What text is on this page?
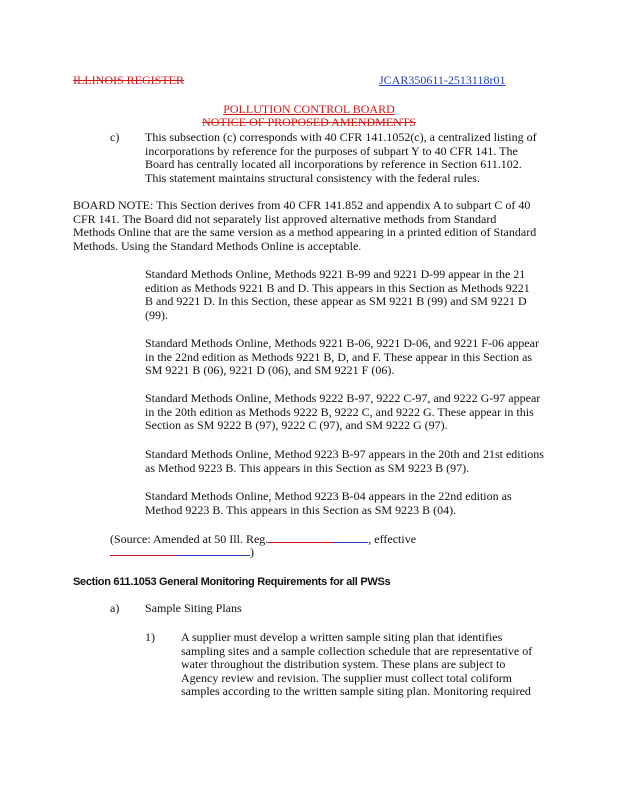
ILLINOIS REGISTER	JCAR350611-2513118r01
POLLUTION CONTROL BOARD
NOTICE OF PROPOSED AMENDMENTS
c) This subsection (c) corresponds with 40 CFR 141.1052(c), a centralized listing of
incorporations by reference for the purposes of subpart Y to 40 CFR 141. The
Board has centrally located all incorporations by reference in Section 611.102.
This statement maintains structural consistency with the federal rules.
BOARD NOTE: This Section derives from 40 CFR 141.852 and appendix A to subpart C of 40
CFR 141. The Board did not separately list approved alternative methods from Standard
Methods Online that are the same version as a method appearing in a printed edition of Standard
Methods. Using the Standard Methods Online is acceptable.
Standard Methods Online, Methods 9221 B-99 and 9221 D-99 appear in the 21
edition as Methods 9221 B and D. This appears in this Section as Methods 9221
B and 9221 D. In this Section, these appear as SM 9221 B (99) and SM 9221 D
(99).
Standard Methods Online, Methods 9221 B-06, 9221 D-06, and 9221 F-06 appear
in the 22nd edition as Methods 9221 B, D, and F. These appear in this Section as
SM 9221 B (06), 9221 D (06), and SM 9221 F (06).
Standard Methods Online, Methods 9222 B-97, 9222 C-97, and 9222 G-97 appear
in the 20th edition as Methods 9222 B, 9222 C, and 9222 G. These appear in this
Section as SM 9222 B (97), 9222 C (97), and SM 9222 G (97).
Standard Methods Online, Method 9223 B-97 appears in the 20th and 21st editions
as Method 9223 B. This appears in this Section as SM 9223 B (97).
Standard Methods Online, Method 9223 B-04 appears in the 22nd edition as
Method 9223 B. This appears in this Section as SM 9223 B (04).
(Source: Amended at 50 Ill. Reg.	, effective
)
Section 611.1053 General Monitoring Requirements for all PWSs
a) Sample Siting Plans
1) A supplier must develop a written sample siting plan that identifies
sampling sites and a sample collection schedule that are representative of
water throughout the distribution system. These plans are subject to
Agency review and revision. The supplier must collect total coliform
samples according to the written sample siting plan. Monitoring required
